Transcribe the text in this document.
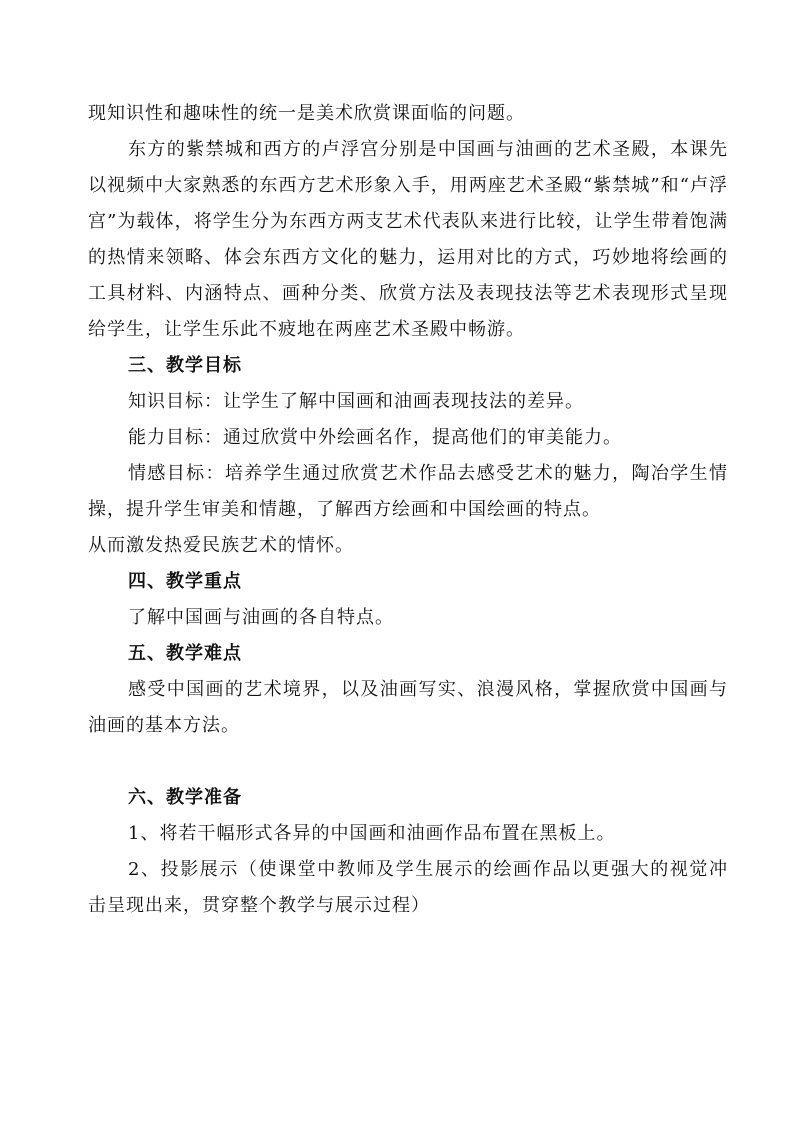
现知识性和趣味性的统一是美术欣赏课面临的问题。

东方的紫禁城和西方的卢浮宫分别是中国画与油画的艺术圣殿，本课先以视频中大家熟悉的东西方艺术形象入手，用两座艺术圣殿“紫禁城”和“卢浮宫”为载体，将学生分为东西方两支艺术代表队来进行比较，让学生带着饱满的热情来领略、体会东西方文化的魅力，运用对比的方式，巧妙地将绘画的工具材料、内涵特点、画种分类、欣赏方法及表现技法等艺术表现形式呈现给学生，让学生乐此不疲地在两座艺术圣殿中畅游。

三、教学目标

知识目标：让学生了解中国画和油画表现技法的差异。

能力目标：通过欣赏中外绘画名作，提高他们的审美能力。

情感目标：培养学生通过欣赏艺术作品去感受艺术的魅力，陶冶学生情操，提升学生审美和情趣，了解西方绘画和中国绘画的特点。

从而激发热爱民族艺术的情怀。

四、教学重点

了解中国画与油画的各自特点。

五、教学难点

感受中国画的艺术境界，以及油画写实、浪漫风格，掌握欣赏中国画与油画的基本方法。

六、教学准备

1、将若干幅形式各异的中国画和油画作品布置在黑板上。

2、投影展示（使课堂中教师及学生展示的绘画作品以更强大的视觉冲击呈现出来，贯穿整个教学与展示过程）
